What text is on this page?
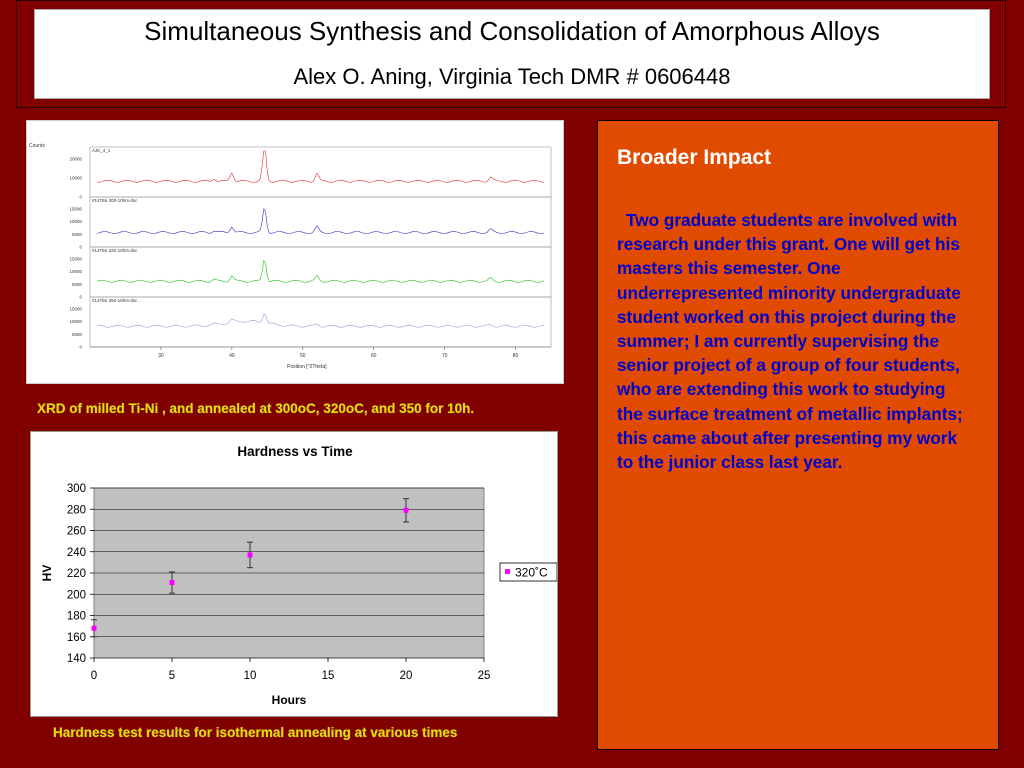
Simultaneous Synthesis and Consolidation of Amorphous Alloys
Alex O. Aning, Virginia Tech DMR # 0606448
Counts
Position [°2Theta]
AJK_4_1
20000
10000
0
#14TiNi 300-10hrs-dsc
15000
10000
5000
0
#14TiNi 320-10hrs-dsc
15000
10000
5000
0
#14TiNi 350-10hrs-dsc
15000
10000
5000
0
30	40	50	60	70	80
XRD of milled Ti-Ni , and annealed at 300oC, 320oC, and 350 for 10h.
Hardness vs Time
140
160
180
200
220
240
260
280
300
0	5	10	15	20	25
Hours
HV	320˚C
Hardness test results for isothermal annealing at various times
Broader Impact
Two graduate students are involved with research under this grant. One will get his masters this semester. One underrepresented minority undergraduate student worked on this project during the summer; I am currently supervising the senior project of a group of four students, who are extending this work to studying the surface treatment of metallic implants; this came about after presenting my work to the junior class last year.
